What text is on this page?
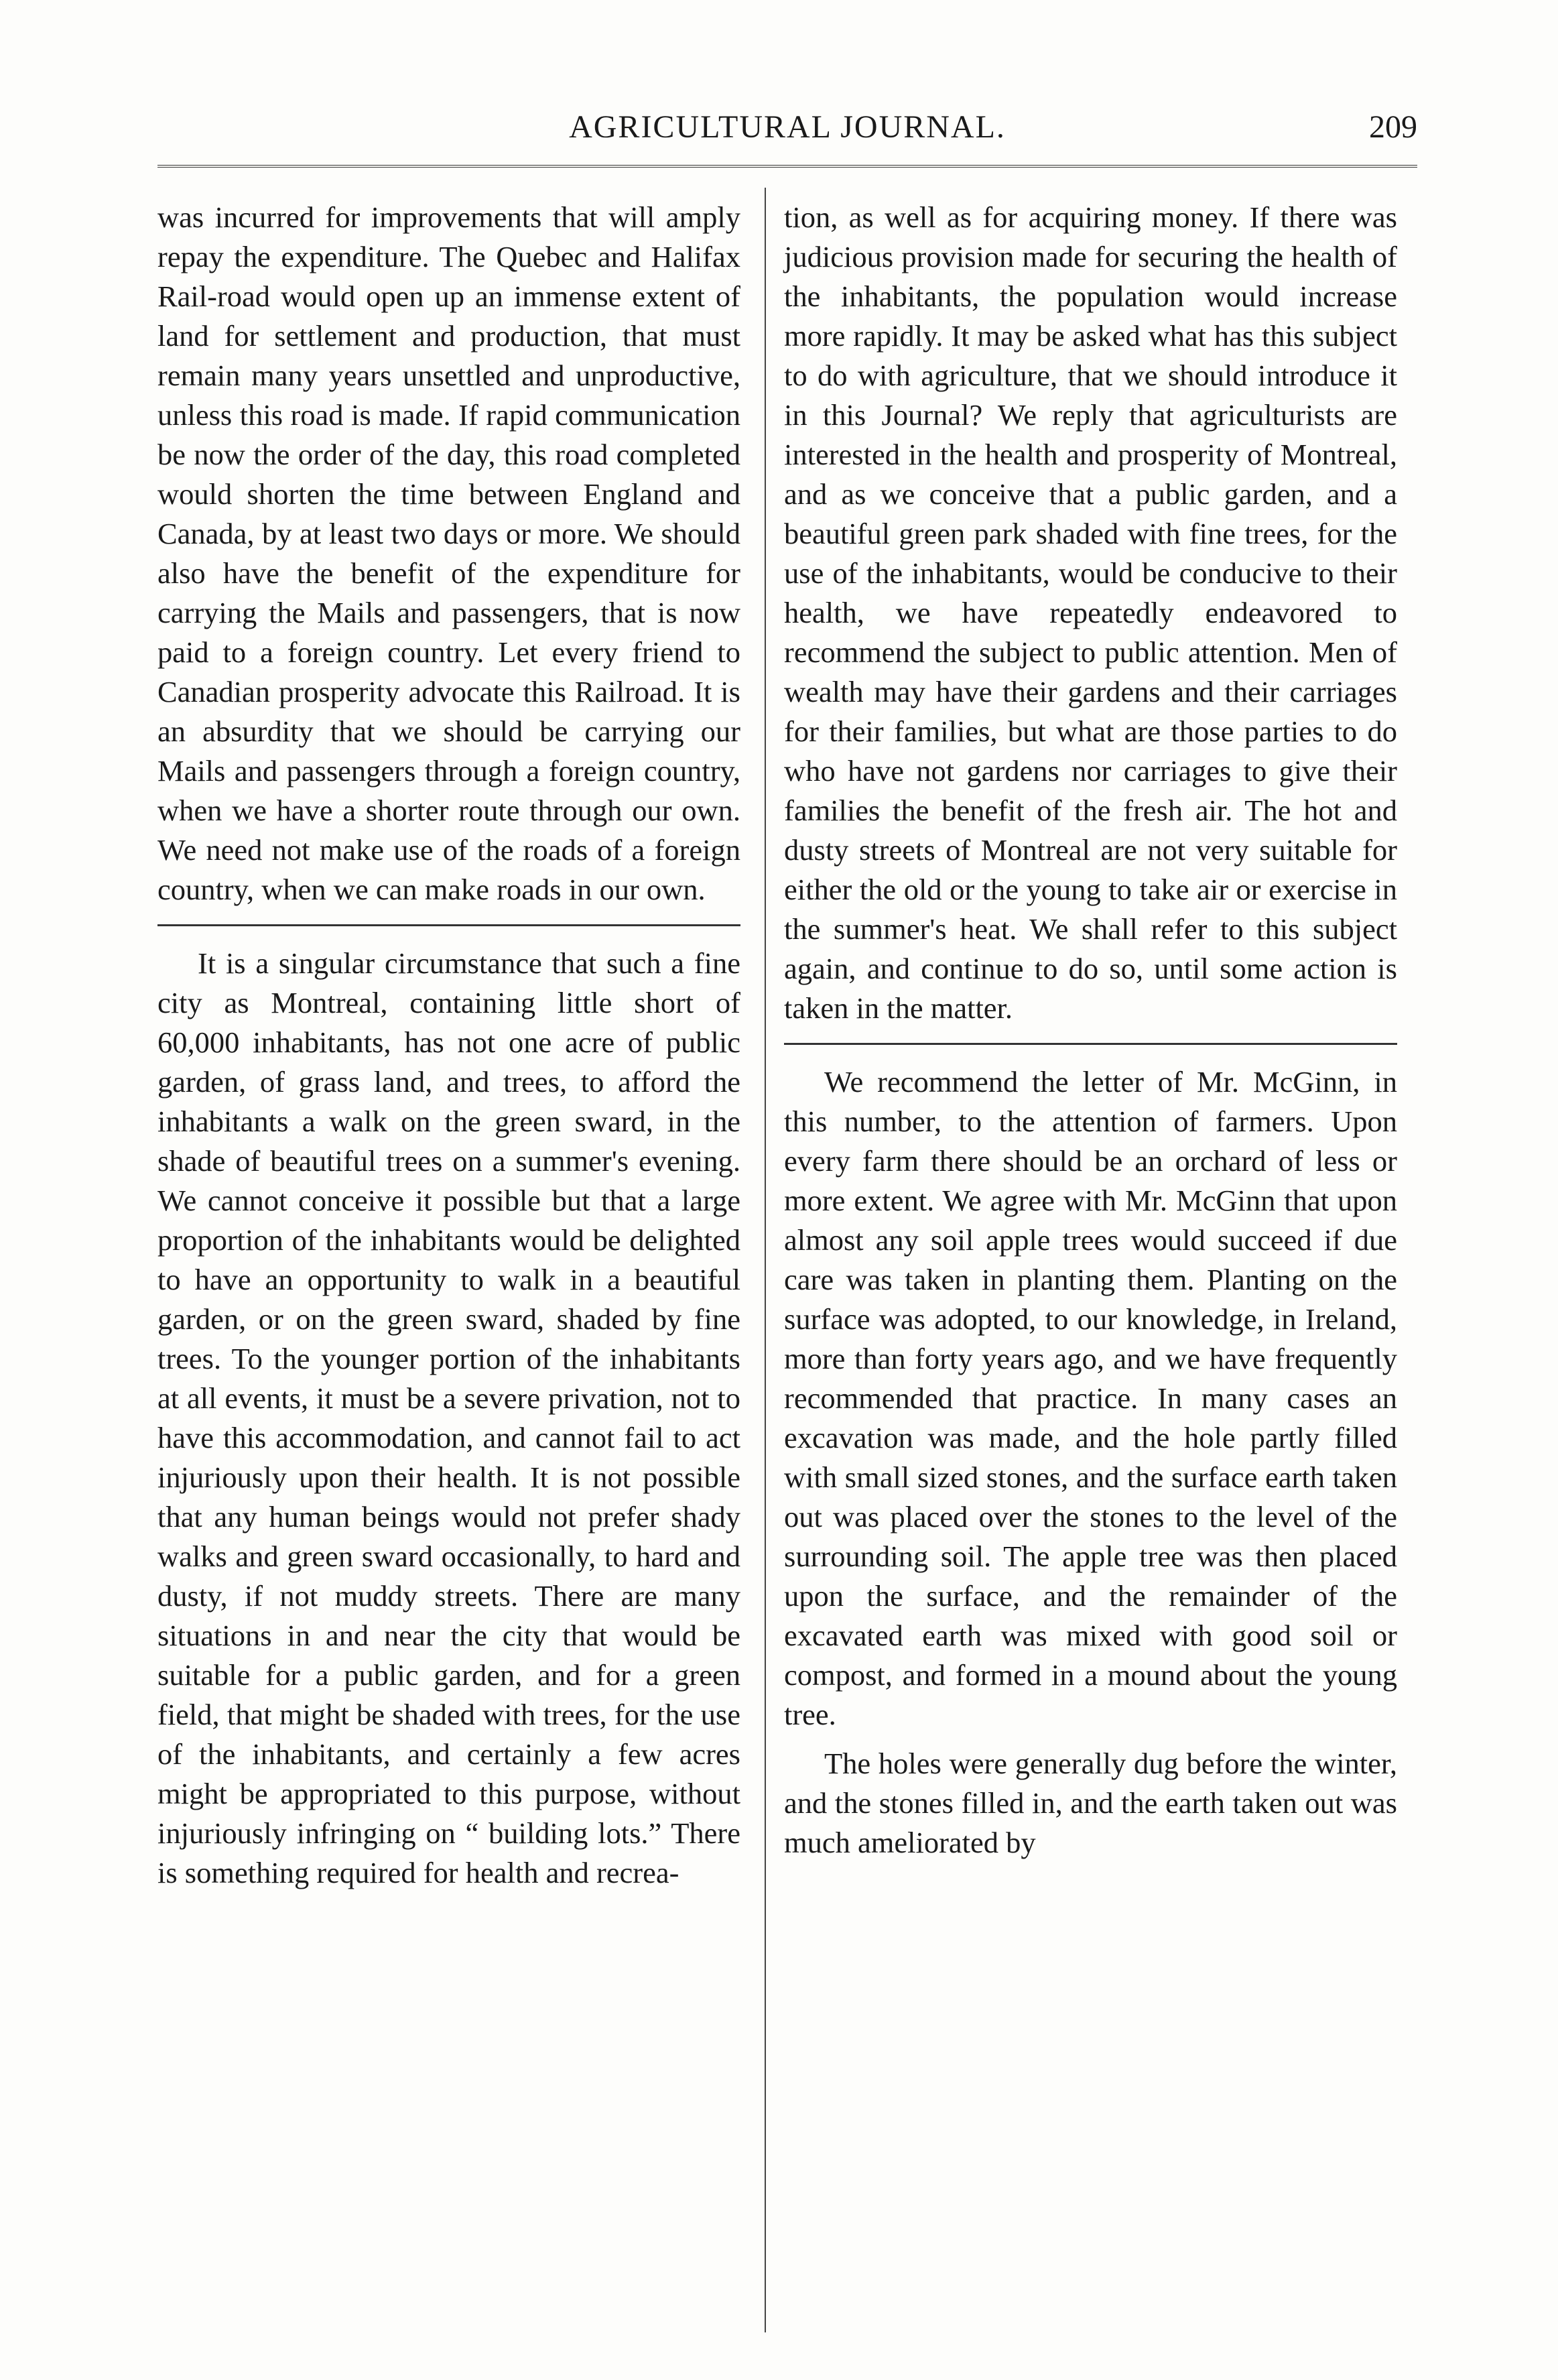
AGRICULTURAL JOURNAL.	209

was incurred for improvements that will amply repay the expenditure. The Quebec and Halifax Rail-road would open up an immense extent of land for settlement and production, that must remain many years unsettled and unproductive, unless this road is made. If rapid communication be now the order of the day, this road completed would shorten the time between England and Canada, by at least two days or more. We should also have the benefit of the expenditure for carrying the Mails and passengers, that is now paid to a foreign country. Let every friend to Canadian prosperity advocate this Railroad. It is an absurdity that we should be carrying our Mails and passengers through a foreign country, when we have a shorter route through our own. We need not make use of the roads of a foreign country, when we can make roads in our own.

It is a singular circumstance that such a fine city as Montreal, containing little short of 60,000 inhabitants, has not one acre of public garden, of grass land, and trees, to afford the inhabitants a walk on the green sward, in the shade of beautiful trees on a summer's evening. We cannot conceive it possible but that a large proportion of the inhabitants would be delighted to have an opportunity to walk in a beautiful garden, or on the green sward, shaded by fine trees. To the younger portion of the inhabitants at all events, it must be a severe privation, not to have this accommodation, and cannot fail to act injuriously upon their health. It is not possible that any human beings would not prefer shady walks and green sward occasionally, to hard and dusty, if not muddy streets. There are many situations in and near the city that would be suitable for a public garden, and for a green field, that might be shaded with trees, for the use of the inhabitants, and certainly a few acres might be appropriated to this purpose, without injuriously infringing on “ building lots.” There is something required for health and recrea-

tion, as well as for acquiring money. If there was judicious provision made for securing the health of the inhabitants, the population would increase more rapidly. It may be asked what has this subject to do with agriculture, that we should introduce it in this Journal? We reply that agriculturists are interested in the health and prosperity of Montreal, and as we conceive that a public garden, and a beautiful green park shaded with fine trees, for the use of the inhabitants, would be conducive to their health, we have repeatedly endeavored to recommend the subject to public attention. Men of wealth may have their gardens and their carriages for their families, but what are those parties to do who have not gardens nor carriages to give their families the benefit of the fresh air. The hot and dusty streets of Montreal are not very suitable for either the old or the young to take air or exercise in the summer's heat. We shall refer to this subject again, and continue to do so, until some action is taken in the matter.

We recommend the letter of Mr. McGinn, in this number, to the attention of farmers. Upon every farm there should be an orchard of less or more extent. We agree with Mr. McGinn that upon almost any soil apple trees would succeed if due care was taken in planting them. Planting on the surface was adopted, to our knowledge, in Ireland, more than forty years ago, and we have frequently recommended that practice. In many cases an excavation was made, and the hole partly filled with small sized stones, and the surface earth taken out was placed over the stones to the level of the surrounding soil. The apple tree was then placed upon the surface, and the remainder of the excavated earth was mixed with good soil or compost, and formed in a mound about the young tree.

The holes were generally dug before the winter, and the stones filled in, and the earth taken out was much ameliorated by
